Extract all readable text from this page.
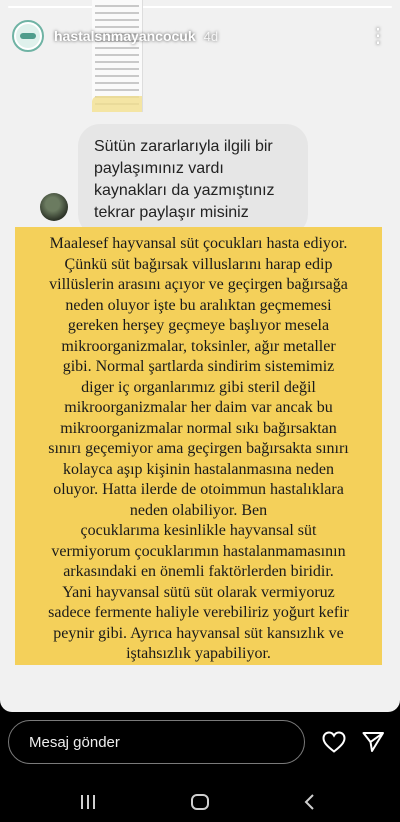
hastalsnmayancocuk 4d	⋮
Sütün zararlarıyla ilgili bir paylaşımınız vardı kaynakları da yazmıştınız tekrar paylaşır misiniz
Maalesef hayvansal süt çocukları hasta ediyor.
Çünkü süt bağırsak villuslarını harap edip
villüslerin arasını açıyor ve geçirgen bağırsağa
neden oluyor işte bu aralıktan geçmemesi
gereken herşey geçmeye başlıyor mesela
mikroorganizmalar, toksinler, ağır metaller
gibi. Normal şartlarda sindirim sistemimiz
diger iç organlarımız gibi steril değil
mikroorganizmalar her daim var ancak bu
mikroorganizmalar normal sıkı bağırsaktan
sınırı geçemiyor ama geçirgen bağırsakta sınırı
kolayca aşıp kişinin hastalanmasına neden
oluyor. Hatta ilerde de otoimmun hastalıklara
neden olabiliyor. Ben
çocuklarıma kesinlikle hayvansal süt
vermiyorum çocuklarımın hastalanmamasının
arkasındaki en önemli faktörlerden biridir.
Yani hayvansal sütü süt olarak vermiyoruz
sadece fermente haliyle verebiliriz yoğurt kefir
peynir gibi. Ayrıca hayvansal süt kansızlık ve
iştahsızlık yapabiliyor.
Mesaj gönder
